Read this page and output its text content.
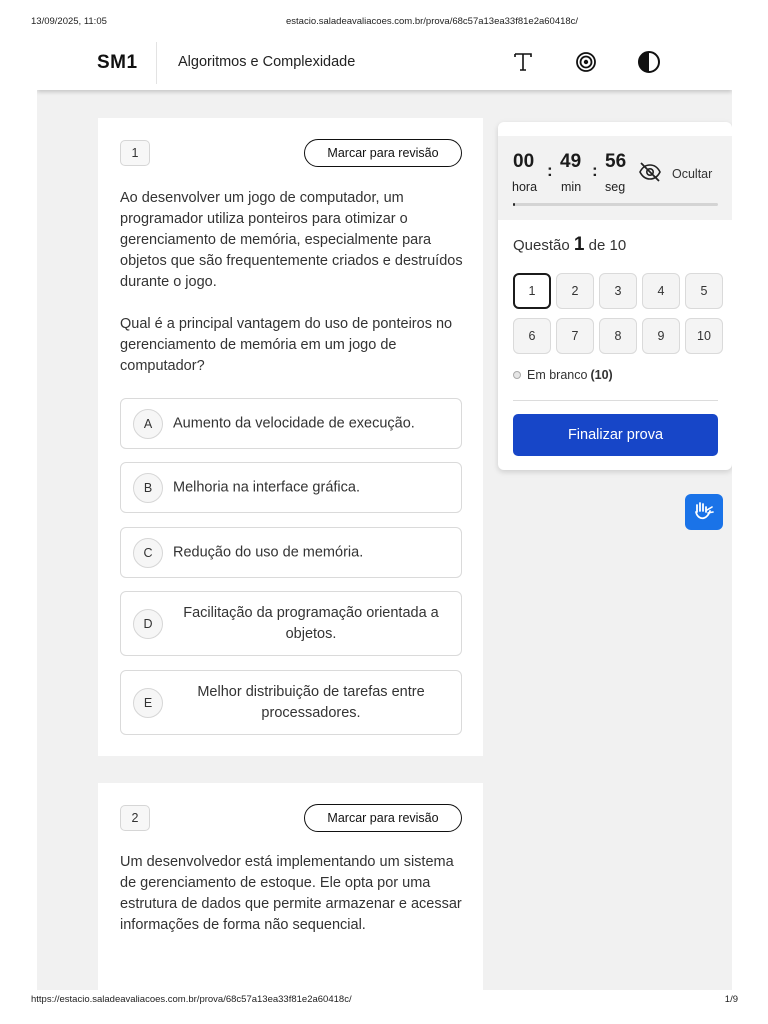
13/09/2025, 11:05	estacio.saladeavaliacoes.com.br/prova/68c57a13ea33f81e2a60418c/
SM1	Algoritmos e Complexidade
1	Marcar para revisão
Ao desenvolver um jogo de computador, um programador utiliza ponteiros para otimizar o gerenciamento de memória, especialmente para objetos que são frequentemente criados e destruídos durante o jogo.
Qual é a principal vantagem do uso de ponteiros no gerenciamento de memória em um jogo de computador?
A	Aumento da velocidade de execução.
B	Melhoria na interface gráfica.
C	Redução do uso de memória.
D
Facilitação da programação orientada a objetos.
E
Melhor distribuição de tarefas entre processadores.
2	Marcar para revisão
Um desenvolvedor está implementando um sistema de gerenciamento de estoque. Ele opta por uma estrutura de dados que permite armazenar e acessar informações de forma não sequencial.
00
hora
: 49
min
: 56
seg
Ocultar
Questão 1 de 10
1	2	3	4	5
6	7	8	9	10
Em branco (10)
Finalizar prova
https://estacio.saladeavaliacoes.com.br/prova/68c57a13ea33f81e2a60418c/	1/9
